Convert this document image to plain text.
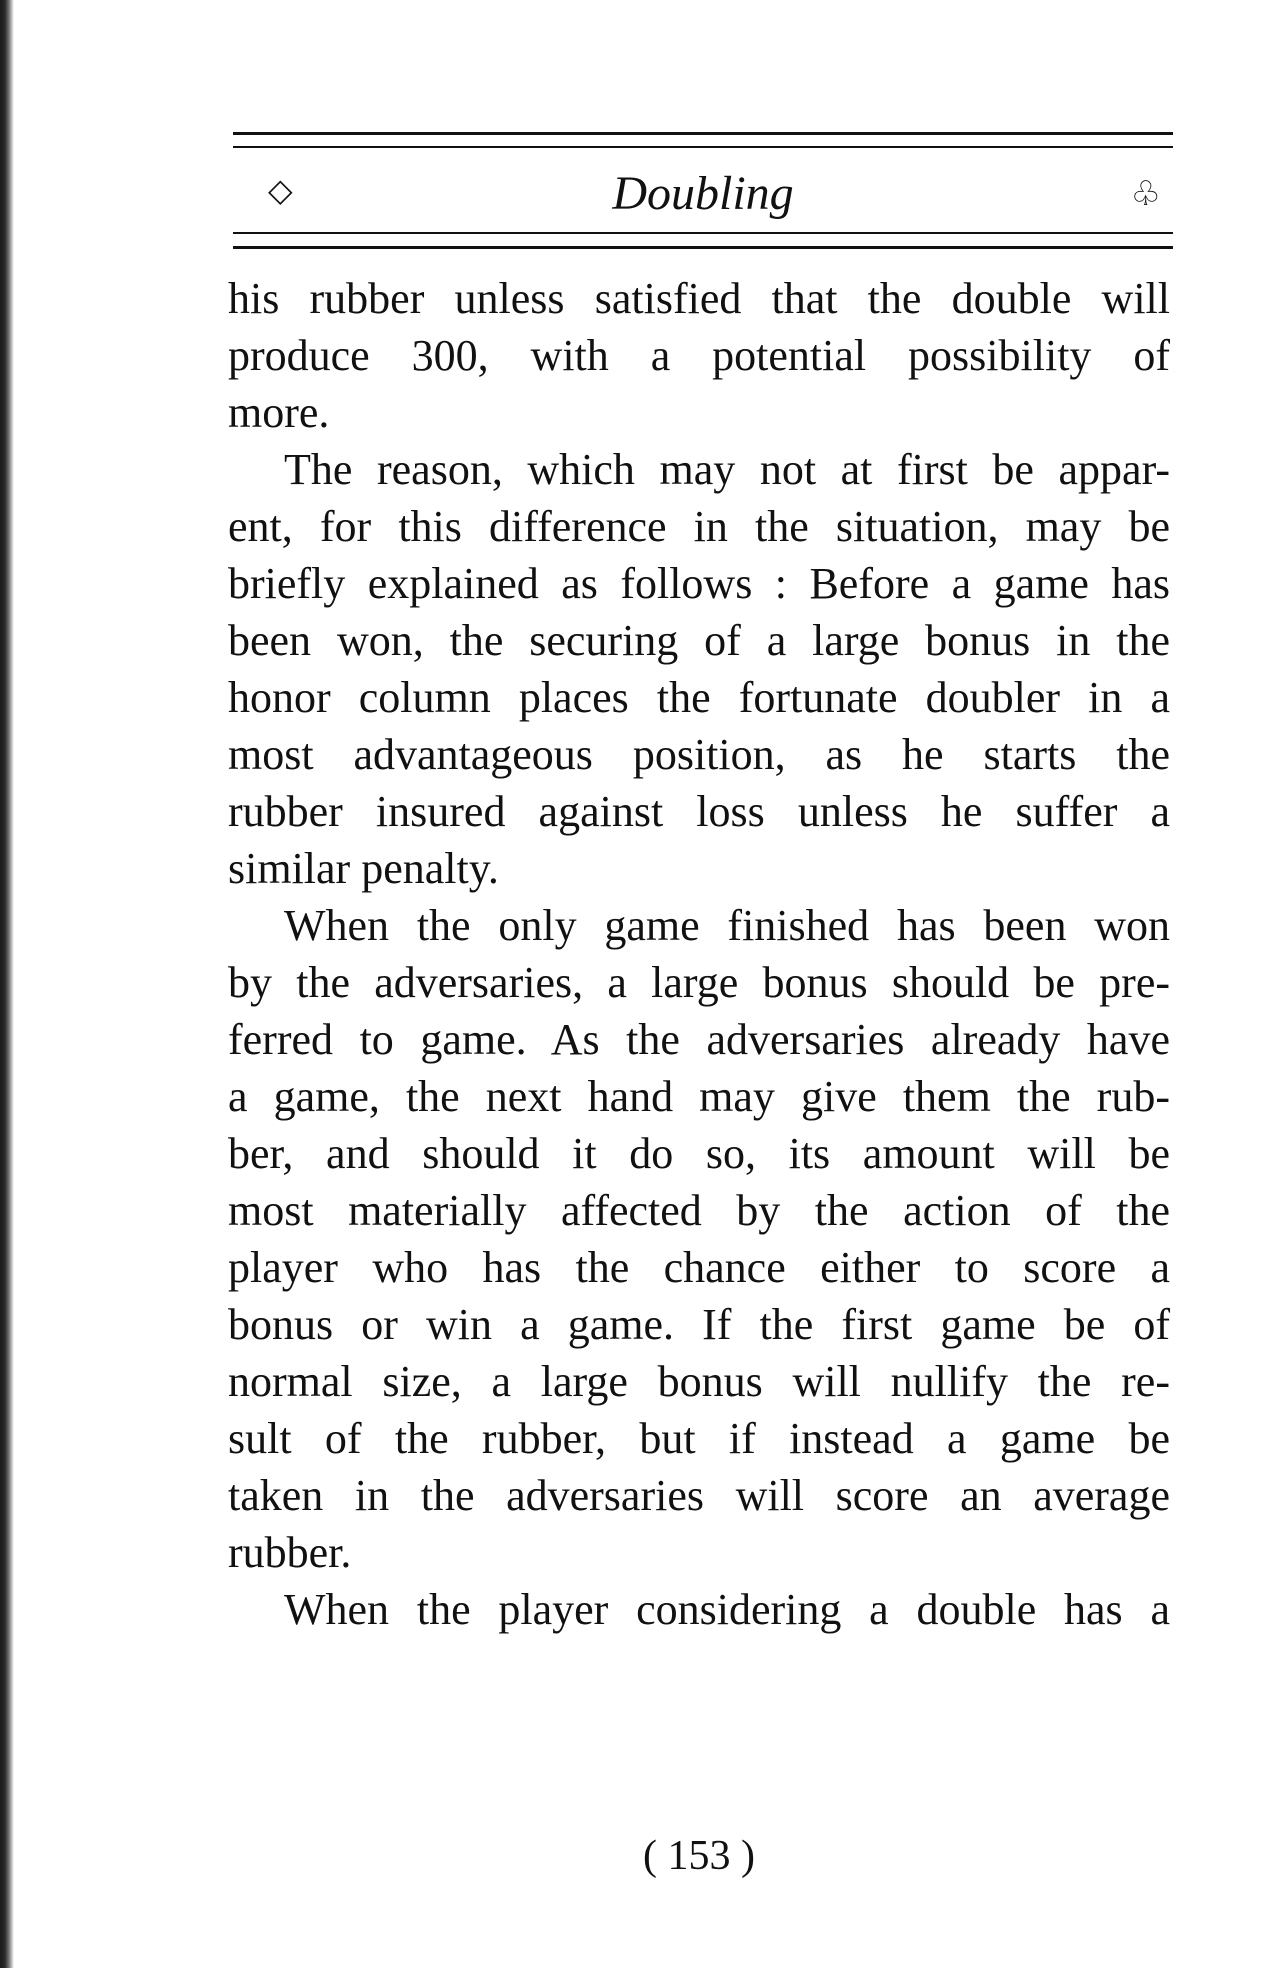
◇	Doubling	♧
his rubber unless satisfied that the double will
produce 300, with a potential possibility of
more.
The reason, which may not at first be appar-
ent, for this difference in the situation, may be
briefly explained as follows : Before a game has
been won, the securing of a large bonus in the
honor column places the fortunate doubler in a
most advantageous position, as he starts the
rubber insured against loss unless he suffer a
similar penalty.
When the only game finished has been won
by the adversaries, a large bonus should be pre-
ferred to game. As the adversaries already have
a game, the next hand may give them the rub-
ber, and should it do so, its amount will be
most materially affected by the action of the
player who has the chance either to score a
bonus or win a game. If the first game be of
normal size, a large bonus will nullify the re-
sult of the rubber, but if instead a game be
taken in the adversaries will score an average
rubber.
When the player considering a double has a
( 153 )
